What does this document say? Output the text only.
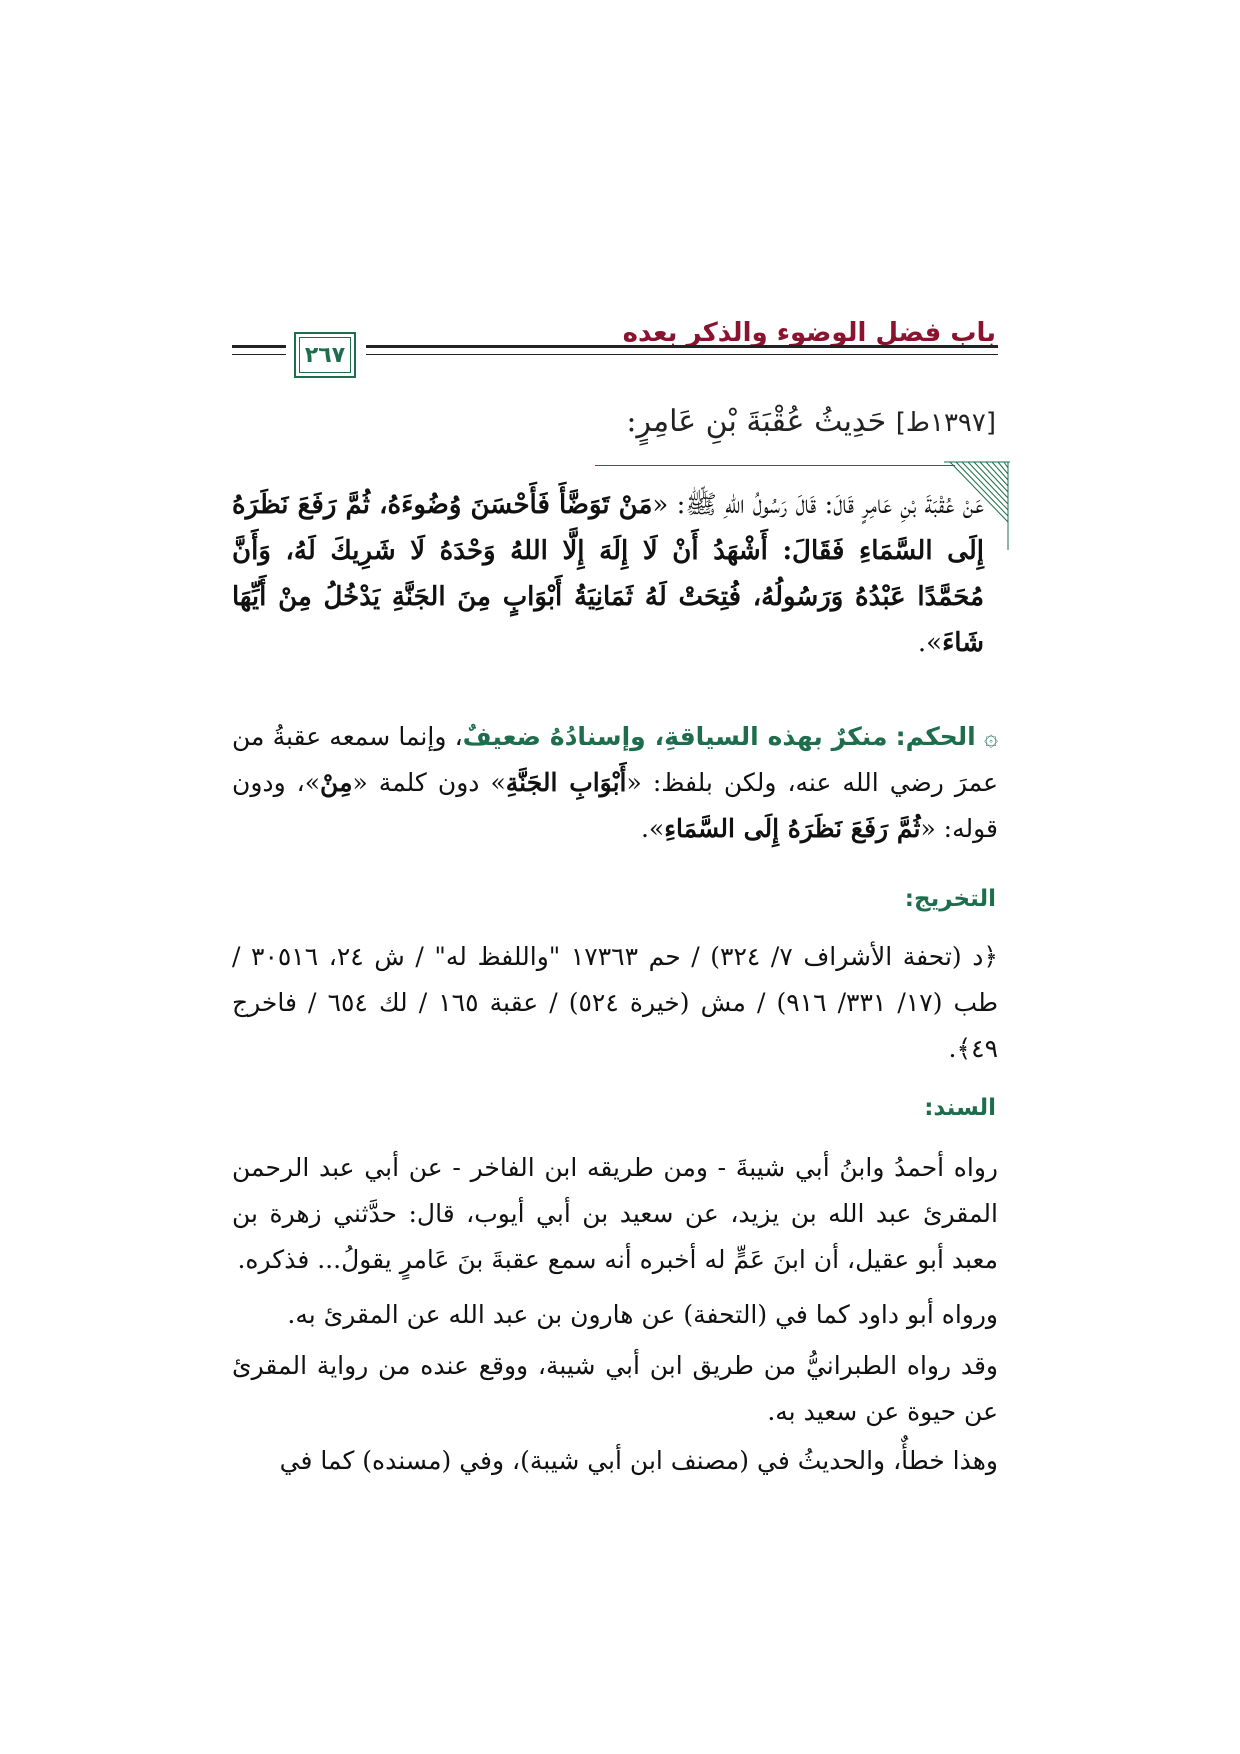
باب فضل الوضوء والذكر بعده
٢٦٧
[١٣٩٧ط] حَدِيثُ عُقْبَةَ بْنِ عَامِرٍ:
عَنْ عُقْبَةَ بْنِ عَامِرٍ قَالَ: قَالَ رَسُولُ اللهِ ﷺ: «مَنْ تَوَضَّأَ فَأَحْسَنَ وُضُوءَهُ، ثُمَّ رَفَعَ نَظَرَهُ إِلَى السَّمَاءِ فَقَالَ: أَشْهَدُ أَنْ لَا إِلَهَ إِلَّا اللهُ وَحْدَهُ لَا شَرِيكَ لَهُ، وَأَنَّ مُحَمَّدًا عَبْدُهُ وَرَسُولُهُ، فُتِحَتْ لَهُ ثَمَانِيَةُ أَبْوَابٍ مِنَ الجَنَّةِ يَدْخُلُ مِنْ أَيِّهَا شَاءَ».
۞ الحكم: منكرٌ بهذه السياقةِ، وإسنادُهُ ضعيفٌ، وإنما سمعه عقبةُ من عمرَ رضي الله عنه، ولكن بلفظ: «أَبْوَابِ الجَنَّةِ» دون كلمة «مِنْ»، ودون قوله: «ثُمَّ رَفَعَ نَظَرَهُ إِلَى السَّمَاءِ».
التخريج:
﴿د (تحفة الأشراف ٧/ ٣٢٤) / حم ١٧٣٦٣ "واللفظ له" / ش ٢٤، ٣٠٥١٦ / طب (١٧/ ٣٣١/ ٩١٦) / مش (خيرة ٥٢٤) / عقبة ١٦٥ / لك ٦٥٤ / فاخرج ٤٩﴾.
السند:
رواه أحمدُ وابنُ أبي شيبةَ - ومن طريقه ابن الفاخر - عن أبي عبد الرحمن المقرئ عبد الله بن يزيد، عن سعيد بن أبي أيوب، قال: حدَّثني زهرة بن معبد أبو عقيل، أن ابنَ عَمٍّ له أخبره أنه سمع عقبةَ بنَ عَامرٍ يقولُ... فذكره.
ورواه أبو داود كما في (التحفة) عن هارون بن عبد الله عن المقرئ به.
وقد رواه الطبرانيُّ من طريق ابن أبي شيبة، ووقع عنده من رواية المقرئ عن حيوة عن سعيد به.
وهذا خطأٌ، والحديثُ في (مصنف ابن أبي شيبة)، وفي (مسنده) كما في
